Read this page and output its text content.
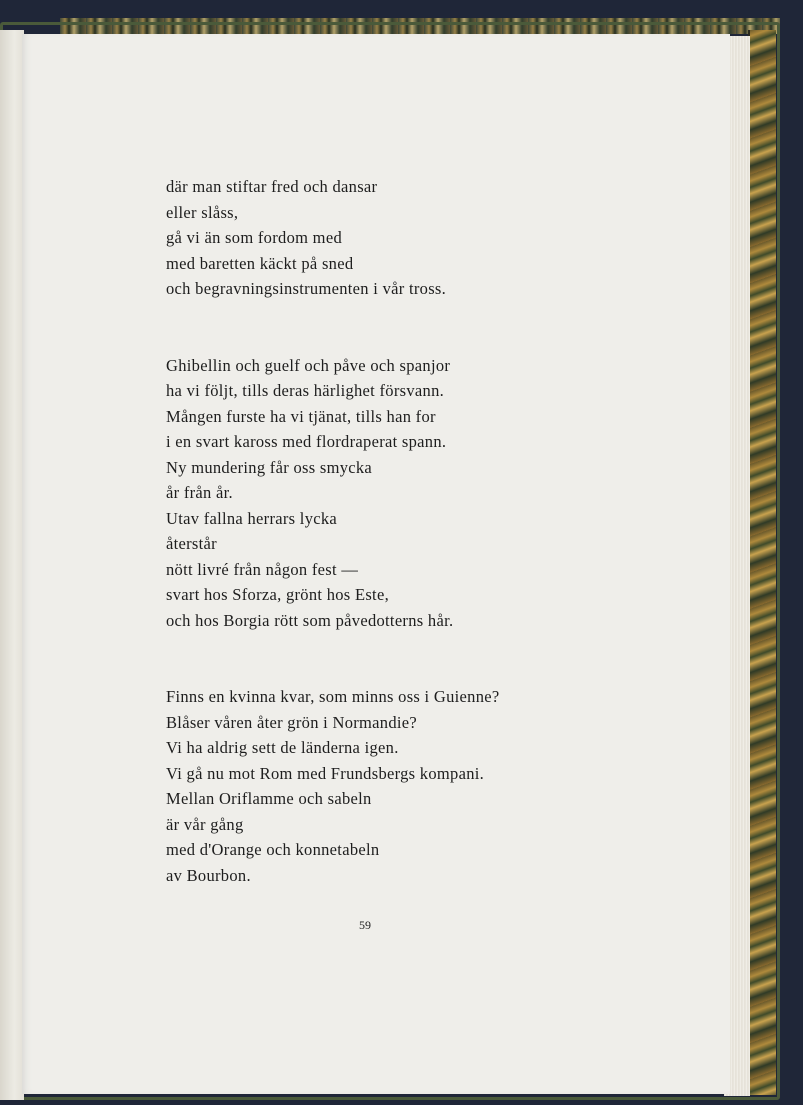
där man stiftar fred och dansar
eller slåss,
gå vi än som fordom med
med baretten käckt på sned
och begravningsinstrumenten i vår tross.
Ghibellin och guelf och påve och spanjor
ha vi följt, tills deras härlighet försvann.
Mången furste ha vi tjänat, tills han for
i en svart kaross med flordraperat spann.
Ny mundering får oss smycka
år från år.
Utav fallna herrars lycka
återstår
nött livré från någon fest —
svart hos Sforza, grönt hos Este,
och hos Borgia rött som påvedotterns hår.
Finns en kvinna kvar, som minns oss i Guienne?
Blåser våren åter grön i Normandie?
Vi ha aldrig sett de länderna igen.
Vi gå nu mot Rom med Frundsbergs kompani.
Mellan Oriflamme och sabeln
är vår gång
med d'Orange och konnetabeln
av Bourbon.
59
